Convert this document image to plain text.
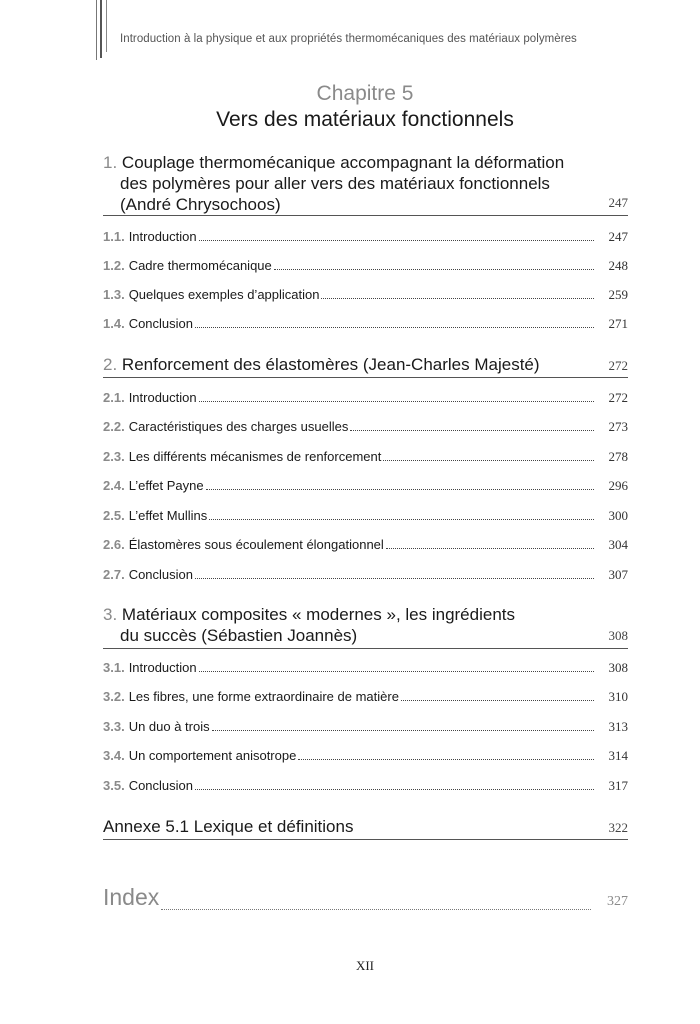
Introduction à la physique et aux propriétés thermomécaniques des matériaux polymères
Chapitre 5
Vers des matériaux fonctionnels
1. Couplage thermomécanique accompagnant la déformation
des polymères pour aller vers des matériaux fonctionnels
(André Chrysochoos)	247
1.1. Introduction	247
1.2. Cadre thermomécanique	248
1.3. Quelques exemples d’application	259
1.4. Conclusion	271
2. Renforcement des élastomères (Jean-Charles Majesté)	272
2.1. Introduction	272
2.2. Caractéristiques des charges usuelles	273
2.3. Les différents mécanismes de renforcement	278
2.4. L’effet Payne	296
2.5. L’effet Mullins	300
2.6. Élastomères sous écoulement élongationnel	304
2.7. Conclusion	307
3. Matériaux composites « modernes », les ingrédients
du succès (Sébastien Joannès)	308
3.1. Introduction	308
3.2. Les fibres, une forme extraordinaire de matière	310
3.3. Un duo à trois	313
3.4. Un comportement anisotrope	314
3.5. Conclusion	317
Annexe 5.1 Lexique et définitions	322
Index	327
XII
